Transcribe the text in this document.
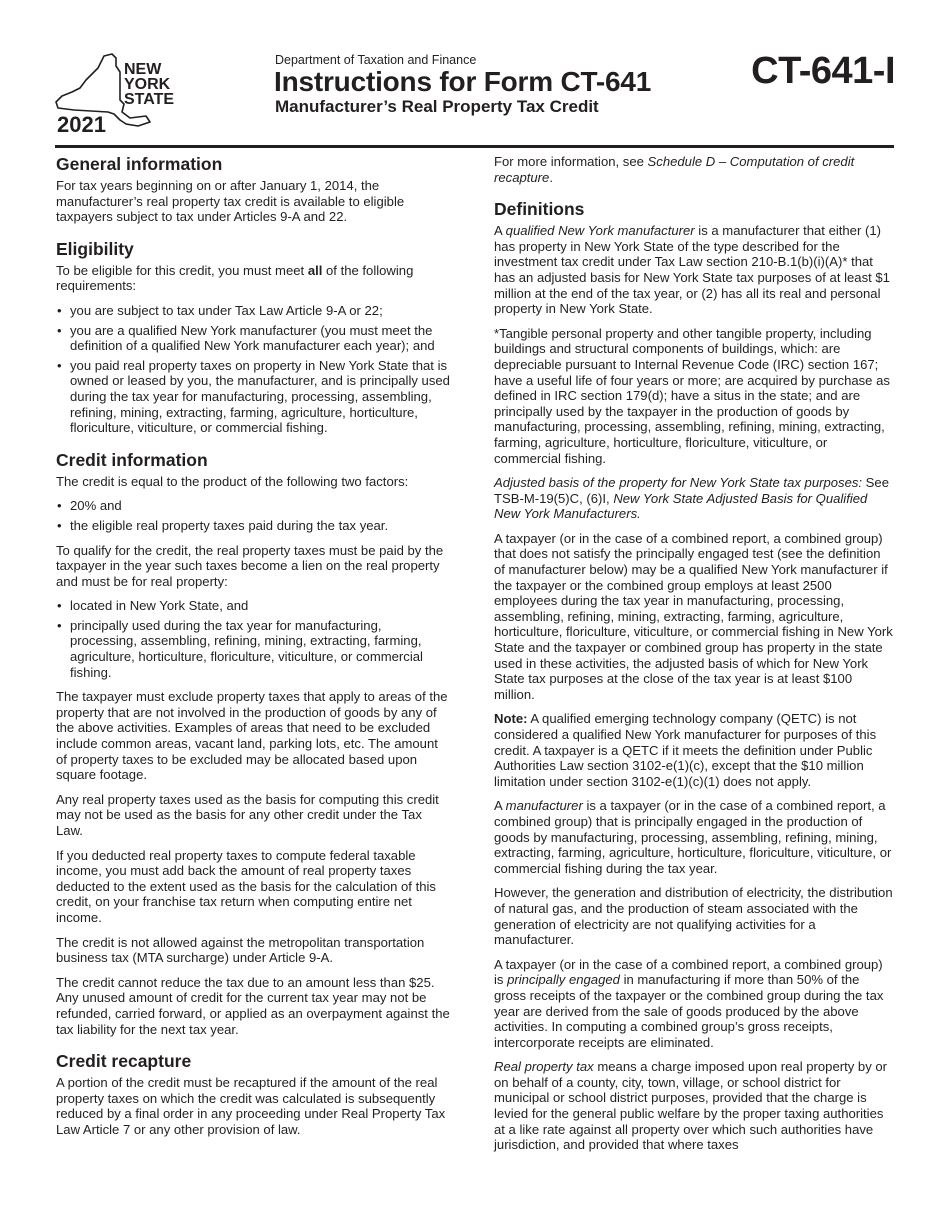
NEW
YORK
STATE
2021
Department of Taxation and Finance
Instructions for Form CT-641
Manufacturer’s Real Property Tax Credit
CT-641-I
General information

For tax years beginning on or after January 1, 2014, the manufacturer’s real property tax credit is available to eligible taxpayers subject to tax under Articles 9-A and 22.

Eligibility

To be eligible for this credit, you must meet all of the following requirements:

• you are subject to tax under Tax Law Article 9-A or 22;
• you are a qualified New York manufacturer (you must meet the definition of a qualified New York manufacturer each year); and
• you paid real property taxes on property in New York State that is owned or leased by you, the manufacturer, and is principally used during the tax year for manufacturing, processing, assembling, refining, mining, extracting, farming, agriculture, horticulture, floriculture, viticulture, or commercial fishing.
Credit information

The credit is equal to the product of the following two factors:

• 20% and
• the eligible real property taxes paid during the tax year.

To qualify for the credit, the real property taxes must be paid by the taxpayer in the year such taxes become a lien on the real property and must be for real property:

• located in New York State, and
• principally used during the tax year for manufacturing, processing, assembling, refining, mining, extracting, farming, agriculture, horticulture, floriculture, viticulture, or commercial fishing.

The taxpayer must exclude property taxes that apply to areas of the property that are not involved in the production of goods by any of the above activities. Examples of areas that need to be excluded include common areas, vacant land, parking lots, etc. The amount of property taxes to be excluded may be allocated based upon square footage.

Any real property taxes used as the basis for computing this credit may not be used as the basis for any other credit under the Tax Law.

If you deducted real property taxes to compute federal taxable income, you must add back the amount of real property taxes deducted to the extent used as the basis for the calculation of this credit, on your franchise tax return when computing entire net income.

The credit is not allowed against the metropolitan transportation business tax (MTA surcharge) under Article 9-A.

The credit cannot reduce the tax due to an amount less than $25. Any unused amount of credit for the current tax year may not be refunded, carried forward, or applied as an overpayment against the tax liability for the next tax year.

Credit recapture

A portion of the credit must be recaptured if the amount of the real property taxes on which the credit was calculated is subsequently reduced by a final order in any proceeding under Real Property Tax Law Article 7 or any other provision of law.

For more information, see Schedule D – Computation of credit recapture.

Definitions

A qualified New York manufacturer is a manufacturer that either (1) has property in New York State of the type described for the investment tax credit under Tax Law section 210-B.1(b)(i)(A)* that has an adjusted basis for New York State tax purposes of at least $1 million at the end of the tax year, or (2) has all its real and personal property in New York State.

*Tangible personal property and other tangible property, including buildings and structural components of buildings, which: are depreciable pursuant to Internal Revenue Code (IRC) section 167; have a useful life of four years or more; are acquired by purchase as defined in IRC section 179(d); have a situs in the state; and are principally used by the taxpayer in the production of goods by manufacturing, processing, assembling, refining, mining, extracting, farming, agriculture, horticulture, floriculture, viticulture, or commercial fishing.

Adjusted basis of the property for New York State tax purposes: See TSB-M-19(5)C, (6)I, New York State Adjusted Basis for Qualified New York Manufacturers.

A taxpayer (or in the case of a combined report, a combined group) that does not satisfy the principally engaged test (see the definition of manufacturer below) may be a qualified New York manufacturer if the taxpayer or the combined group employs at least 2500 employees during the tax year in manufacturing, processing, assembling, refining, mining, extracting, farming, agriculture, horticulture, floriculture, viticulture, or commercial fishing in New York State and the taxpayer or combined group has property in the state used in these activities, the adjusted basis of which for New York State tax purposes at the close of the tax year is at least $100 million.

Note: A qualified emerging technology company (QETC) is not considered a qualified New York manufacturer for purposes of this credit. A taxpayer is a QETC if it meets the definition under Public Authorities Law section 3102-e(1)(c), except that the $10 million limitation under section 3102-e(1)(c)(1) does not apply.

A manufacturer is a taxpayer (or in the case of a combined report, a combined group) that is principally engaged in the production of goods by manufacturing, processing, assembling, refining, mining, extracting, farming, agriculture, horticulture, floriculture, viticulture, or commercial fishing during the tax year.

However, the generation and distribution of electricity, the distribution of natural gas, and the production of steam associated with the generation of electricity are not qualifying activities for a manufacturer.

A taxpayer (or in the case of a combined report, a combined group) is principally engaged in manufacturing if more than 50% of the gross receipts of the taxpayer or the combined group during the tax year are derived from the sale of goods produced by the above activities. In computing a combined group’s gross receipts, intercorporate receipts are eliminated.

Real property tax means a charge imposed upon real property by or on behalf of a county, city, town, village, or school district for municipal or school district purposes, provided that the charge is levied for the general public welfare by the proper taxing authorities at a like rate against all property over which such authorities have jurisdiction, and provided that where taxes
